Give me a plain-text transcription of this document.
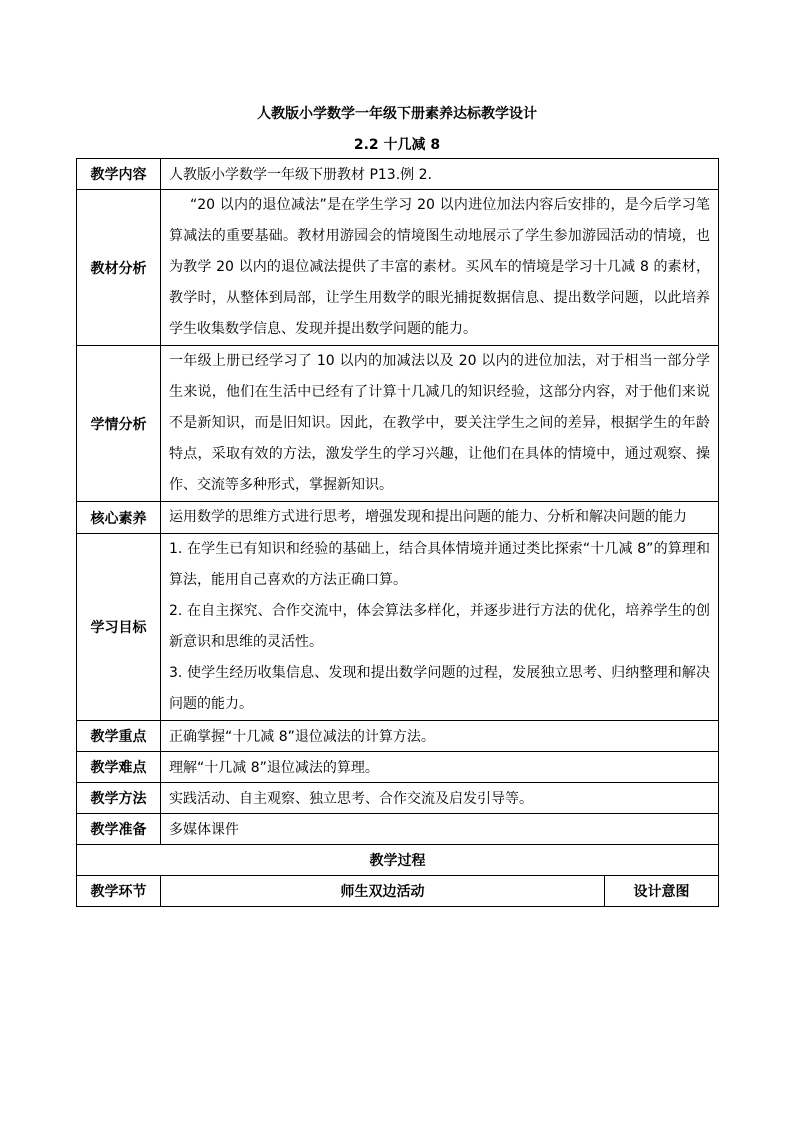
人教版小学数学一年级下册素养达标教学设计
2.2 十几减 8
教学内容	人教版小学数学一年级下册教材 P13.例 2.	
教材分析	“20 以内的退位减法”是在学生学习 20 以内进位加法内容后安排的，是今后学习笔算减法的重要基础。教材用游园会的情境图生动地展示了学生参加游园活动的情境，也为教学 20 以内的退位减法提供了丰富的素材。买风车的情境是学习十几减 8 的素材，教学时，从整体到局部，让学生用数学的眼光捕捉数据信息、提出数学问题，以此培养学生收集数学信息、发现并提出数学问题的能力。	

学情分析	一年级上册已经学习了 10 以内的加减法以及 20 以内的进位加法，对于相当一部分学生来说，他们在生活中已经有了计算十几减几的知识经验，这部分内容，对于他们来说不是新知识，而是旧知识。因此，在教学中，要关注学生之间的差异，根据学生的年龄特点，采取有效的方法，激发学生的学习兴趣，让他们在具体的情境中，通过观察、操作、交流等多种形式，掌握新知识。	

核心素养	运用数学的思维方式进行思考，增强发现和提出问题的能力、分析和解决问题的能力	

学习目标	1. 在学生已有知识和经验的基础上，结合具体情境并通过类比探索“十几减 8”的算理和算法，能用自己喜欢的方法正确口算。

2. 在自主探究、合作交流中，体会算法多样化，并逐步进行方法的优化，培养学生的创新意识和思维的灵活性。

3. 使学生经历收集信息、发现和提出数学问题的过程，发展独立思考、归纳整理和解决问题的能力。	

教学重点	正确掌握“十几减 8”退位减法的计算方法。	
教学难点	理解“十几减 8”退位减法的算理。	
教学方法	实践活动、自主观察、独立思考、合作交流及启发引导等。	
教学准备	多媒体课件	
教学过程		
教学环节	师生双边活动	设计意图
